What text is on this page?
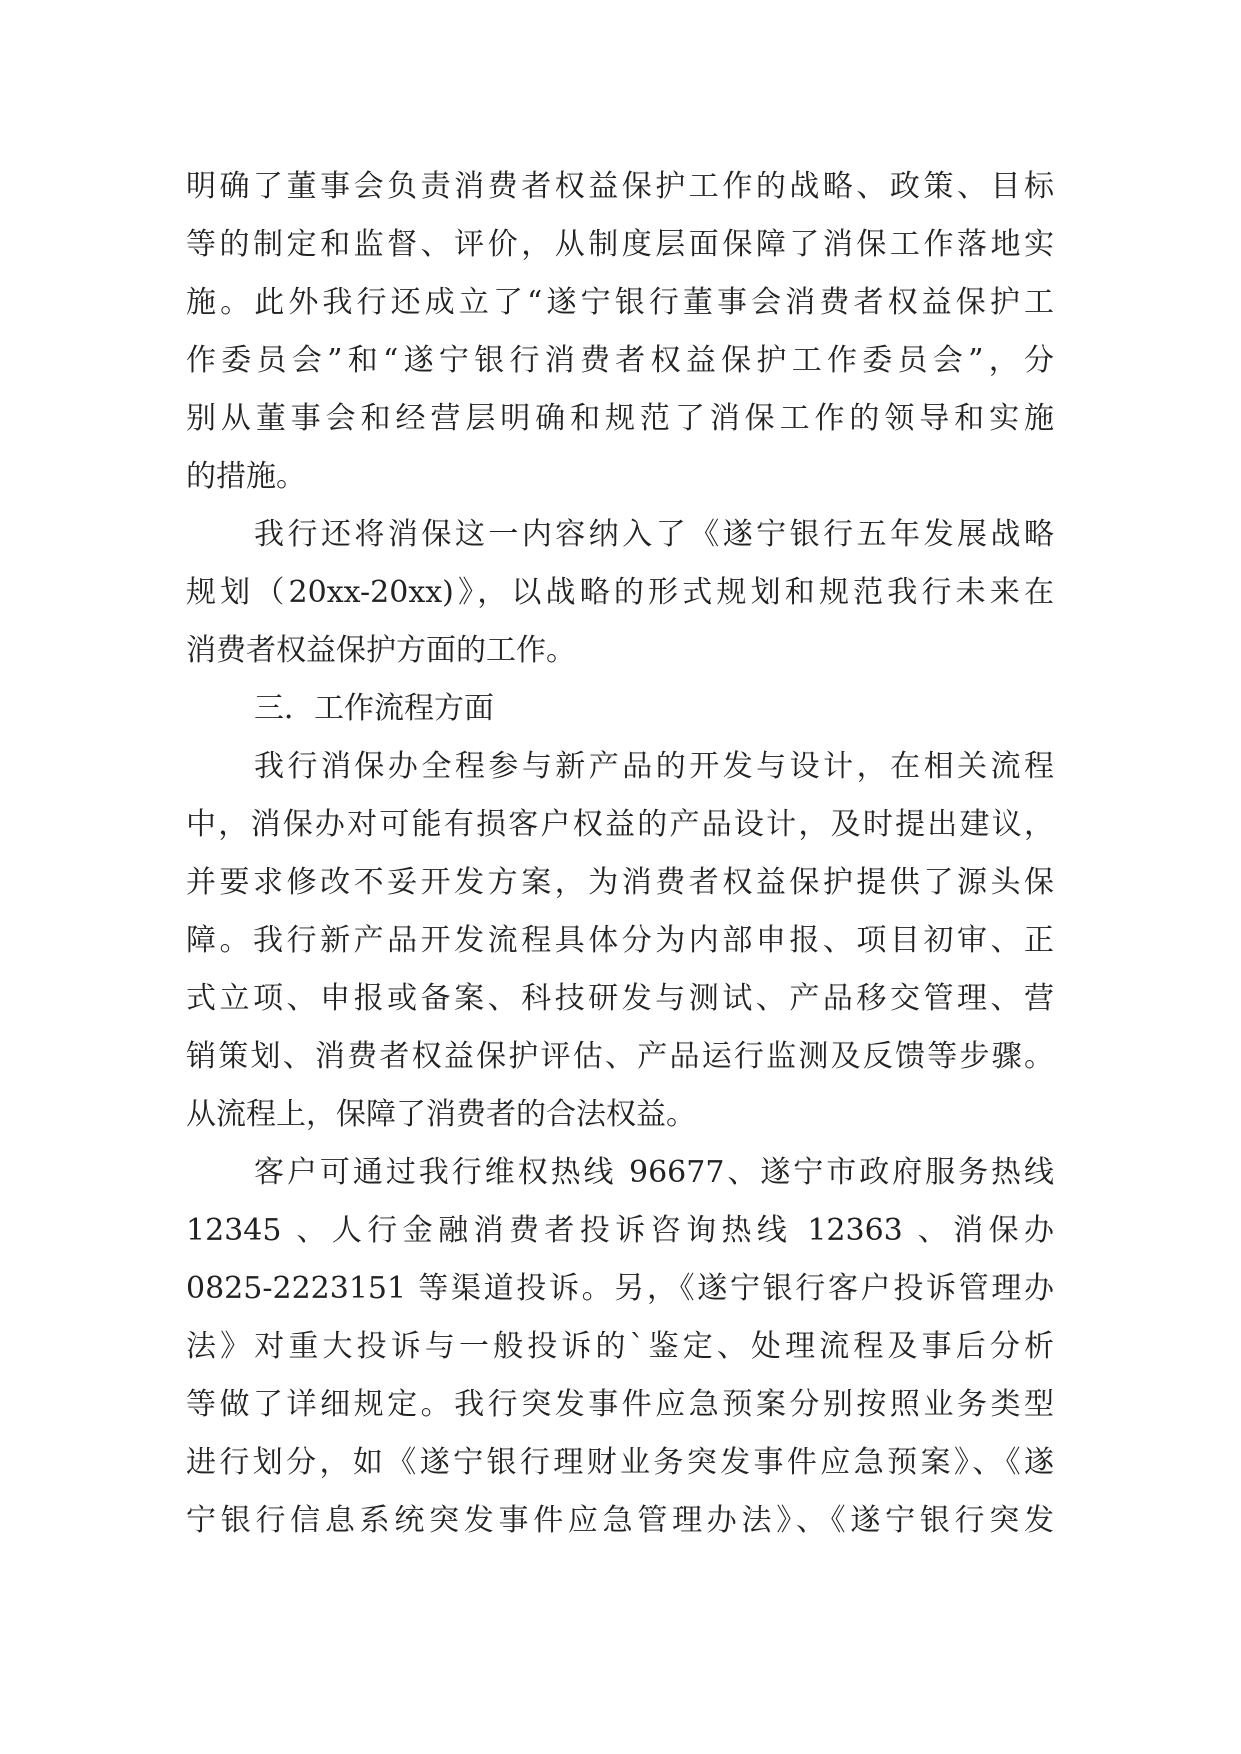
明确了董事会负责消费者权益保护工作的战略、政策、目标
等的制定和监督、评价，从制度层面保障了消保工作落地实
施。此外我行还成立了“遂宁银行董事会消费者权益保护工
作委员会”和“遂宁银行消费者权益保护工作委员会”，分
别从董事会和经营层明确和规范了消保工作的领导和实施
的措施。
我行还将消保这一内容纳入了《遂宁银行五年发展战略
规划（20xx-20xx)》，以战略的形式规划和规范我行未来在
消费者权益保护方面的工作。
三．工作流程方面
我行消保办全程参与新产品的开发与设计，在相关流程
中，消保办对可能有损客户权益的产品设计，及时提出建议，
并要求修改不妥开发方案，为消费者权益保护提供了源头保
障。我行新产品开发流程具体分为内部申报、项目初审、正
式立项、申报或备案、科技研发与测试、产品移交管理、营
销策划、消费者权益保护评估、产品运行监测及反馈等步骤。
从流程上，保障了消费者的合法权益。
客户可通过我行维权热线 96677、遂宁市政府服务热线
12345 、人行金融消费者投诉咨询热线 12363 、消保办
0825-2223151 等渠道投诉。另，《遂宁银行客户投诉管理办
法》对重大投诉与一般投诉的`鉴定、处理流程及事后分析
等做了详细规定。我行突发事件应急预案分别按照业务类型
进行划分，如《遂宁银行理财业务突发事件应急预案》、《遂
宁银行信息系统突发事件应急管理办法》、《遂宁银行突发
